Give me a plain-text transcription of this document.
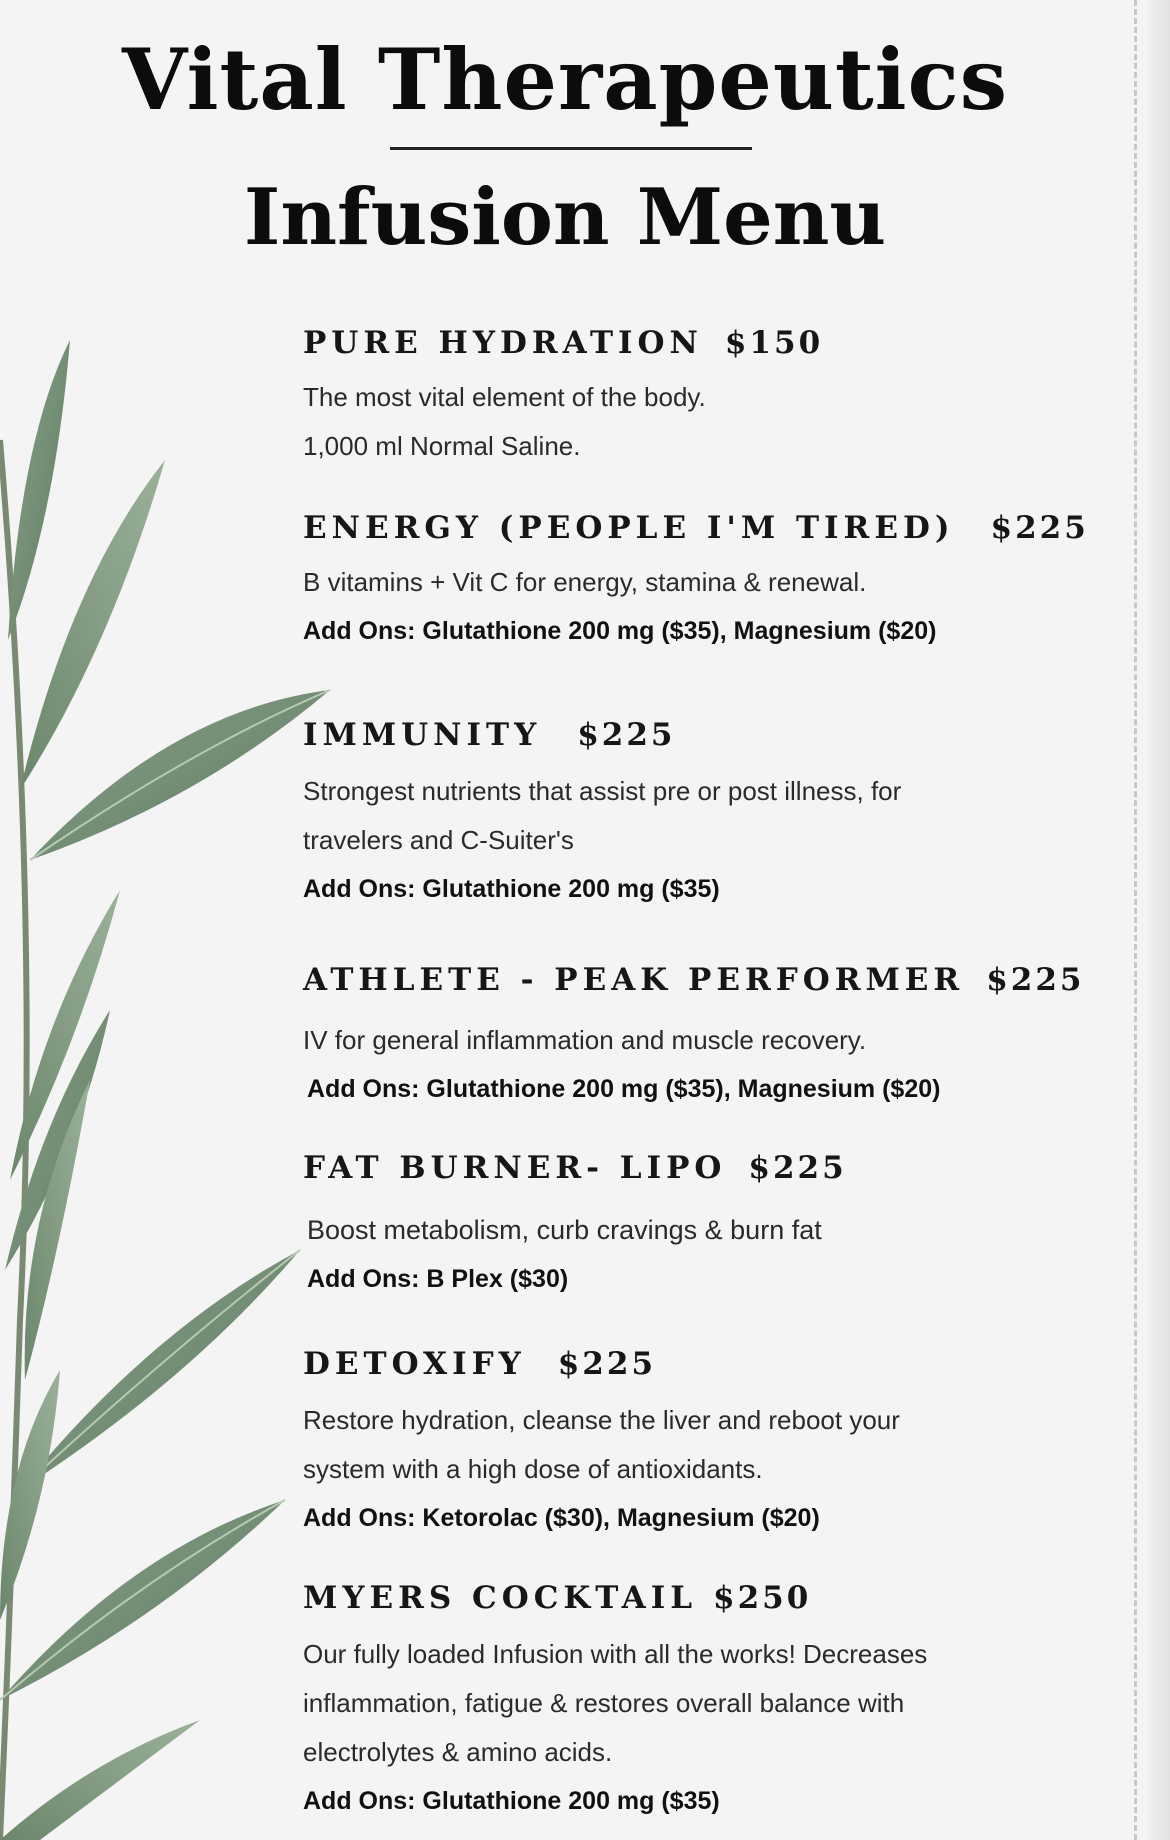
Vital Therapeutics
Infusion Menu

PURE HYDRATION $150

The most vital element of the body.

1,000 ml Normal Saline.

ENERGY (PEOPLE I'M TIRED) $225

B vitamins + Vit C for energy, stamina & renewal.

Add Ons: Glutathione 200 mg ($35), Magnesium ($20)

IMMUNITY $225

Strongest nutrients that assist pre or post illness, for

travelers and C-Suiter's

Add Ons: Glutathione 200 mg ($35)

ATHLETE - PEAK PERFORMER $225

IV for general inflammation and muscle recovery.

Add Ons: Glutathione 200 mg ($35), Magnesium ($20)

FAT BURNER- LIPO $225

Boost metabolism, curb cravings & burn fat

Add Ons: B Plex ($30)

DETOXIFY $225

Restore hydration, cleanse the liver and reboot your

system with a high dose of antioxidants.

Add Ons: Ketorolac ($30), Magnesium ($20)

MYERS COCKTAIL $250

Our fully loaded Infusion with all the works! Decreases

inflammation, fatigue & restores overall balance with

electrolytes & amino acids.

Add Ons: Glutathione 200 mg ($35)
